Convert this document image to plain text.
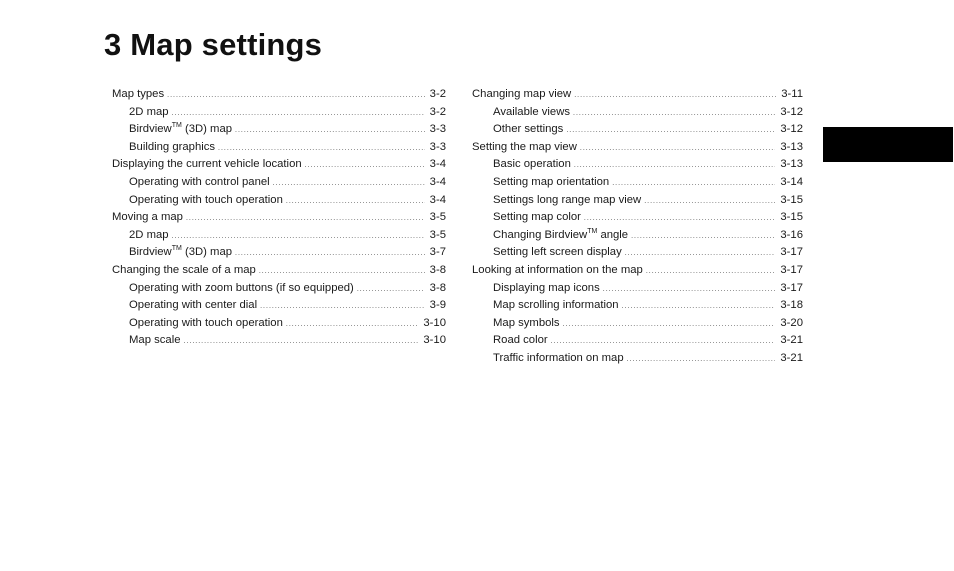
3 Map settings
Map types .....	3-2
2D map .....	3-2
Birdview™ (3D) map .....	3-3
Building graphics .....	3-3
Displaying the current vehicle location .....	3-4
Operating with control panel .....	3-4
Operating with touch operation .....	3-4
Moving a map .....	3-5
2D map .....	3-5
Birdview™ (3D) map .....	3-7
Changing the scale of a map .....	3-8
Operating with zoom buttons (if so equipped) .....	3-8
Operating with center dial .....	3-9
Operating with touch operation .....	3-10
Map scale .....	3-10
Changing map view .....	3-11
Available views .....	3-12
Other settings .....	3-12
Setting the map view .....	3-13
Basic operation .....	3-13
Setting map orientation .....	3-14
Settings long range map view .....	3-15
Setting map color .....	3-15
Changing Birdview™ angle .....	3-16
Setting left screen display .....	3-17
Looking at information on the map .....	3-17
Displaying map icons .....	3-17
Map scrolling information .....	3-18
Map symbols .....	3-20
Road color .....	3-21
Traffic information on map .....	3-21
